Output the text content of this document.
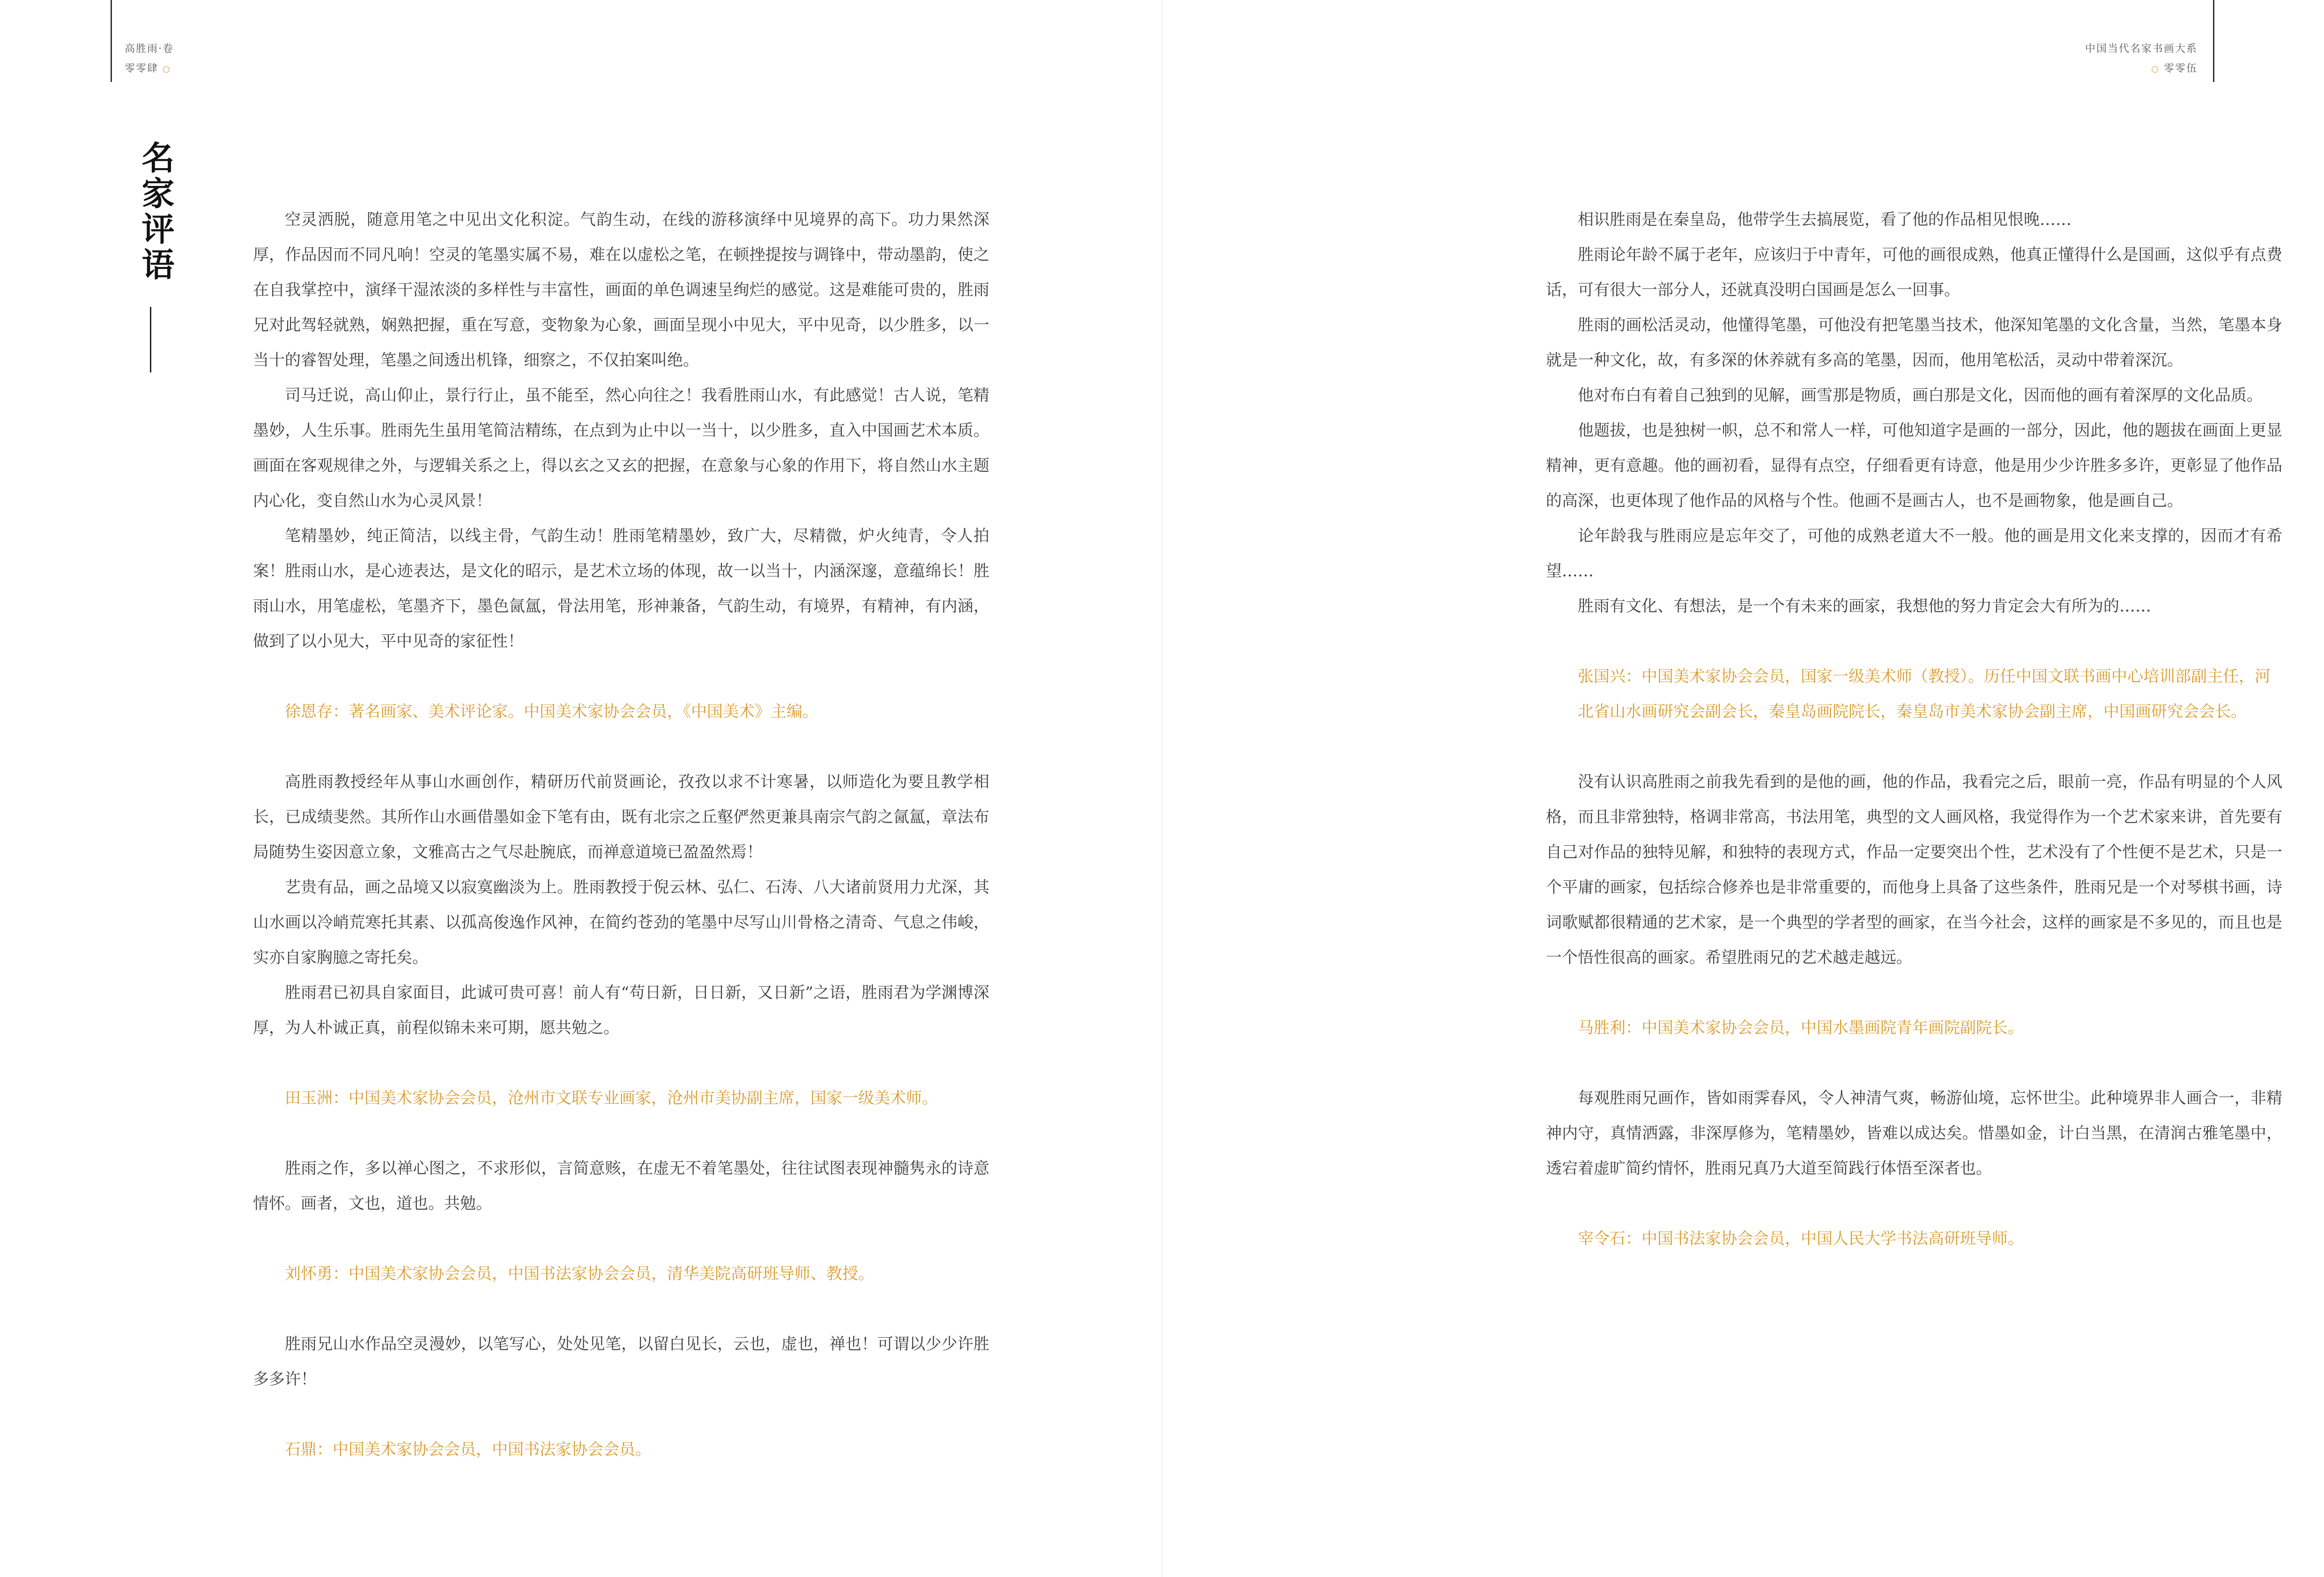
高胜雨·卷
零零肆 ○
名家评语	空灵洒脱，随意用笔之中见出文化积淀。气韵生动，在线的游移演绎中见境界的高下。功力果然深厚，作品因而不同凡响！空灵的笔墨实属不易，难在以虚松之笔，在顿挫提按与调锋中，带动墨韵，使之在自我掌控中，演绎干湿浓淡的多样性与丰富性，画面的单色调速呈绚烂的感觉。这是难能可贵的，胜雨兄对此驾轻就熟，娴熟把握，重在写意，变物象为心象，画面呈现小中见大，平中见奇，以少胜多，以一当十的睿智处理，笔墨之间透出机锋，细察之，不仅拍案叫绝。

司马迁说，高山仰止，景行行止，虽不能至，然心向往之！我看胜雨山水，有此感觉！古人说，笔精墨妙，人生乐事。胜雨先生虽用笔简洁精练，在点到为止中以一当十，以少胜多，直入中国画艺术本质。画面在客观规律之外，与逻辑关系之上，得以玄之又玄的把握，在意象与心象的作用下，将自然山水主题内心化，变自然山水为心灵风景！

笔精墨妙，纯正简洁，以线主骨，气韵生动！胜雨笔精墨妙，致广大，尽精微，炉火纯青，令人拍案！胜雨山水，是心迹表达，是文化的昭示，是艺术立场的体现，故一以当十，内涵深邃，意蕴绵长！胜雨山水，用笔虚松，笔墨齐下，墨色氤氲，骨法用笔，形神兼备，气韵生动，有境界，有精神，有内涵，做到了以小见大，平中见奇的家征性！

徐恩存：著名画家、美术评论家。中国美术家协会会员，《中国美术》主编。

高胜雨教授经年从事山水画创作，精研历代前贤画论，孜孜以求不计寒暑，以师造化为要且教学相长，已成绩斐然。其所作山水画借墨如金下笔有由，既有北宗之丘壑俨然更兼具南宗气韵之氤氲，章法布局随势生姿因意立象，文雅高古之气尽赴腕底，而禅意道境已盈盈然焉！

艺贵有品，画之品境又以寂寞幽淡为上。胜雨教授于倪云林、弘仁、石涛、八大诸前贤用力尤深，其山水画以冷峭荒寒托其素、以孤高俊逸作风神，在简约苍劲的笔墨中尽写山川骨格之清奇、气息之伟峻，实亦自家胸臆之寄托矣。

胜雨君已初具自家面目，此诚可贵可喜！前人有“苟日新，日日新，又日新”之语，胜雨君为学渊博深厚，为人朴诚正真，前程似锦未来可期，愿共勉之。

田玉洲：中国美术家协会会员，沧州市文联专业画家，沧州市美协副主席，国家一级美术师。

胜雨之作，多以禅心图之，不求形似，言简意赅，在虚无不着笔墨处，往往试图表现神髓隽永的诗意情怀。画者，文也，道也。共勉。

刘怀勇：中国美术家协会会员，中国书法家协会会员，清华美院高研班导师、教授。

胜雨兄山水作品空灵漫妙，以笔写心，处处见笔，以留白见长，云也，虚也，禅也！可谓以少少许胜多多许！

石鼎：中国美术家协会会员，中国书法家协会会员。

中国当代名家书画大系
○ 零零伍

相识胜雨是在秦皇岛，他带学生去搞展览，看了他的作品相见恨晚……

胜雨论年龄不属于老年，应该归于中青年，可他的画很成熟，他真正懂得什么是国画，这似乎有点费话，可有很大一部分人，还就真没明白国画是怎么一回事。

胜雨的画松活灵动，他懂得笔墨，可他没有把笔墨当技术，他深知笔墨的文化含量，当然，笔墨本身就是一种文化，故，有多深的休养就有多高的笔墨，因而，他用笔松活，灵动中带着深沉。

他对布白有着自己独到的见解，画雪那是物质，画白那是文化，因而他的画有着深厚的文化品质。

他题拔，也是独树一帜，总不和常人一样，可他知道字是画的一部分，因此，他的题拔在画面上更显精神，更有意趣。他的画初看，显得有点空，仔细看更有诗意，他是用少少许胜多多许，更彰显了他作品的高深，也更体现了他作品的风格与个性。他画不是画古人，也不是画物象，他是画自己。

论年龄我与胜雨应是忘年交了，可他的成熟老道大不一般。他的画是用文化来支撑的，因而才有希望……

胜雨有文化、有想法，是一个有未来的画家，我想他的努力肯定会大有所为的……

张国兴：中国美术家协会会员，国家一级美术师（教授）。历任中国文联书画中心培训部副主任，河北省山水画研究会副会长，秦皇岛画院院长，秦皇岛市美术家协会副主席，中国画研究会会长。

没有认识高胜雨之前我先看到的是他的画，他的作品，我看完之后，眼前一亮，作品有明显的个人风格，而且非常独特，格调非常高，书法用笔，典型的文人画风格，我觉得作为一个艺术家来讲，首先要有自己对作品的独特见解，和独特的表现方式，作品一定要突出个性，艺术没有了个性便不是艺术，只是一个平庸的画家，包括综合修养也是非常重要的，而他身上具备了这些条件，胜雨兄是一个对琴棋书画，诗词歌赋都很精通的艺术家，是一个典型的学者型的画家，在当今社会，这样的画家是不多见的，而且也是一个悟性很高的画家。希望胜雨兄的艺术越走越远。

马胜利：中国美术家协会会员，中国水墨画院青年画院副院长。

每观胜雨兄画作，皆如雨霁春风，令人神清气爽，畅游仙境，忘怀世尘。此种境界非人画合一，非精神内守，真情洒露，非深厚修为，笔精墨妙，皆难以成达矣。惜墨如金，计白当黑，在清润古雅笔墨中，透宕着虚旷简约情怀，胜雨兄真乃大道至简践行体悟至深者也。

宰令石：中国书法家协会会员，中国人民大学书法高研班导师。
